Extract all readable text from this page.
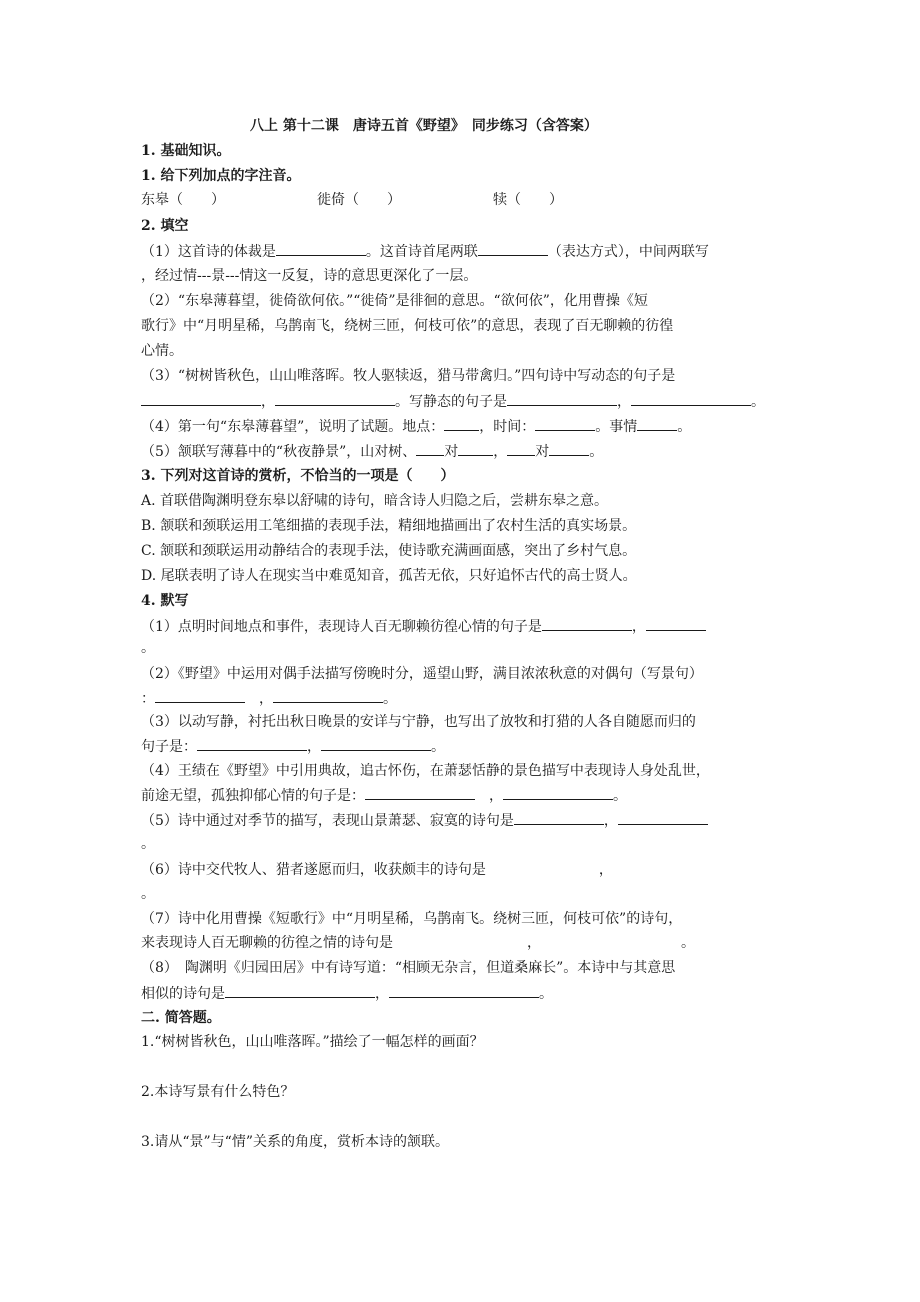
八上 第十二课　唐诗五首《野望》　同步练习（含答案）
1. 基础知识。
1. 给下列加点的字注音。
东皋（　　）	徙倚（　　）	犊（　　）
2. 填空
（1）这首诗的体裁是	。这首诗首尾两联	（表达方式），中间两联写
，经过情---景---情这一反复，诗的意思更深化了一层。
（2）“东皋薄暮望，徙倚欲何依。”“徙倚”是徘徊的意思。“欲何依”，化用曹操《短
歌行》中“月明星稀，乌鹊南飞，绕树三匝，何枝可依”的意思，表现了百无聊赖的彷徨
心情。
（3）“树树皆秋色，山山唯落晖。牧人驱犊返，猎马带禽归。”四句诗中写动态的句子是
，	。写静态的句子是	，	。
（4）第一句“东皋薄暮望”，说明了试题。地点：	，时间：	。事情	。
（5）颔联写薄暮中的“秋夜静景”，山对树、 对	， 对	。
3. 下列对这首诗的赏析，不恰当的一项是（　　）
A. 首联借陶渊明登东皋以舒啸的诗句，暗含诗人归隐之后，尝耕东皋之意。
B. 颔联和颈联运用工笔细描的表现手法，精细地描画出了农村生活的真实场景。
C. 颔联和颈联运用动静结合的表现手法，使诗歌充满画面感，突出了乡村气息。
D. 尾联表明了诗人在现实当中难觅知音，孤苦无依，只好追怀古代的高士贤人。
4. 默写
（1）点明时间地点和事件，表现诗人百无聊赖彷徨心情的句子是	，
。
（2）《野望》中运用对偶手法描写傍晚时分，遥望山野，满目浓浓秋意的对偶句（写景句）
：	　，	。
（3）以动写静，衬托出秋日晚景的安详与宁静，也写出了放牧和打猎的人各自随愿而归的
句子是：	，	。
（4）王绩在《野望》中引用典故，追古怀伤，在萧瑟恬静的景色描写中表现诗人身处乱世，
前途无望，孤独抑郁心情的句子是：	　，	。
（5）诗中通过对季节的描写，表现山景萧瑟、寂寞的诗句是	，
。
（6）诗中交代牧人、猎者遂愿而归，收获颇丰的诗句是	，
。
（7）诗中化用曹操《短歌行》中“月明星稀，乌鹊南飞。绕树三匝，何枝可依”的诗句，
来表现诗人百无聊赖的彷徨之情的诗句是	，	。
（8）　陶渊明《归园田居》中有诗写道：“相顾无杂言，但道桑麻长”。本诗中与其意思
相似的诗句是	，	。
二. 简答题。
1.“树树皆秋色，山山唯落晖。”描绘了一幅怎样的画面？
2.本诗写景有什么特色？
3.请从“景”与“情”关系的角度，赏析本诗的颔联。
